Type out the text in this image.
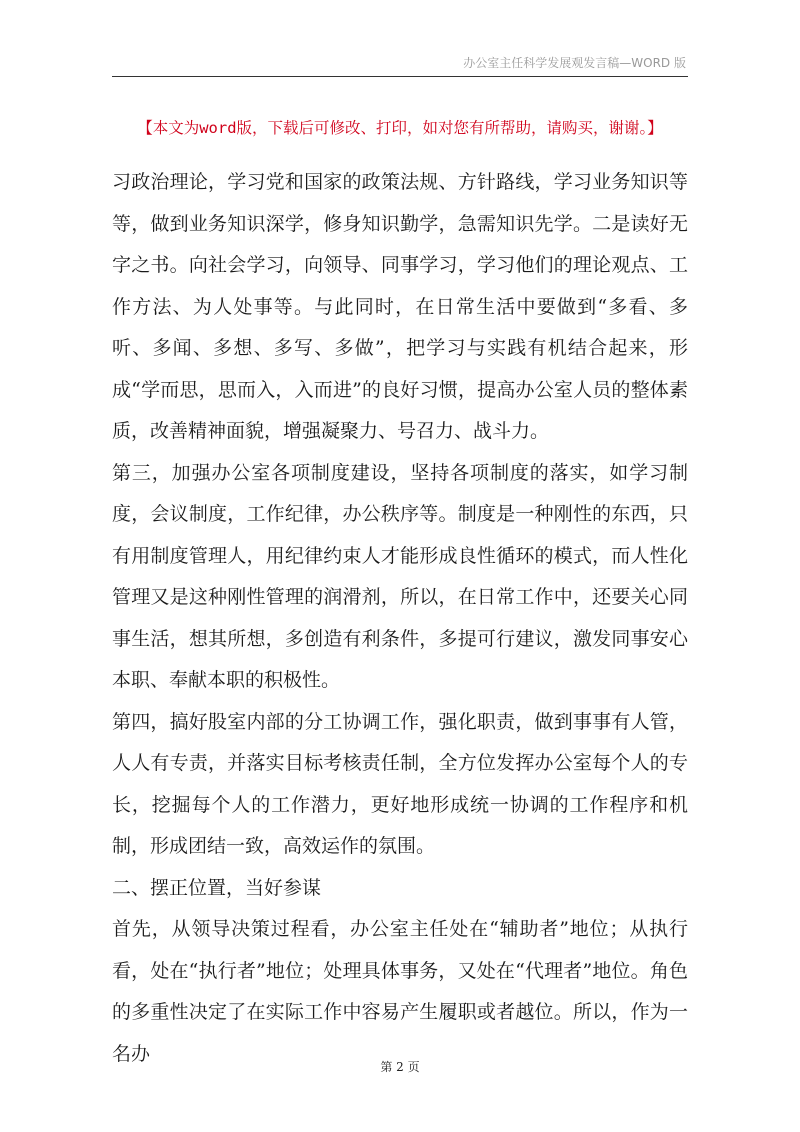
办公室主任科学发展观发言稿—WORD 版
【本文为word版，下载后可修改、打印，如对您有所帮助，请购买，谢谢。】

习政治理论，学习党和国家的政策法规、方针路线，学习业务知识等等，做到业务知识深学，修身知识勤学，急需知识先学。二是读好无字之书。向社会学习，向领导、同事学习，学习他们的理论观点、工作方法、为人处事等。与此同时，在日常生活中要做到“多看、多听、多闻、多想、多写、多做”，把学习与实践有机结合起来，形成“学而思，思而入，入而进”的良好习惯，提高办公室人员的整体素质，改善精神面貌，增强凝聚力、号召力、战斗力。

第三，加强办公室各项制度建设，坚持各项制度的落实，如学习制度，会议制度，工作纪律，办公秩序等。制度是一种刚性的东西，只有用制度管理人，用纪律约束人才能形成良性循环的模式，而人性化管理又是这种刚性管理的润滑剂，所以，在日常工作中，还要关心同事生活，想其所想，多创造有利条件，多提可行建议，激发同事安心本职、奉献本职的积极性。

第四，搞好股室内部的分工协调工作，强化职责，做到事事有人管，人人有专责，并落实目标考核责任制，全方位发挥办公室每个人的专长，挖掘每个人的工作潜力，更好地形成统一协调的工作程序和机制，形成团结一致，高效运作的氛围。

二、摆正位置，当好参谋

首先，从领导决策过程看，办公室主任处在“辅助者”地位；从执行看，处在“执行者”地位；处理具体事务，又处在“代理者”地位。角色的多重性决定了在实际工作中容易产生履职或者越位。所以，作为一名办

第 2 页
